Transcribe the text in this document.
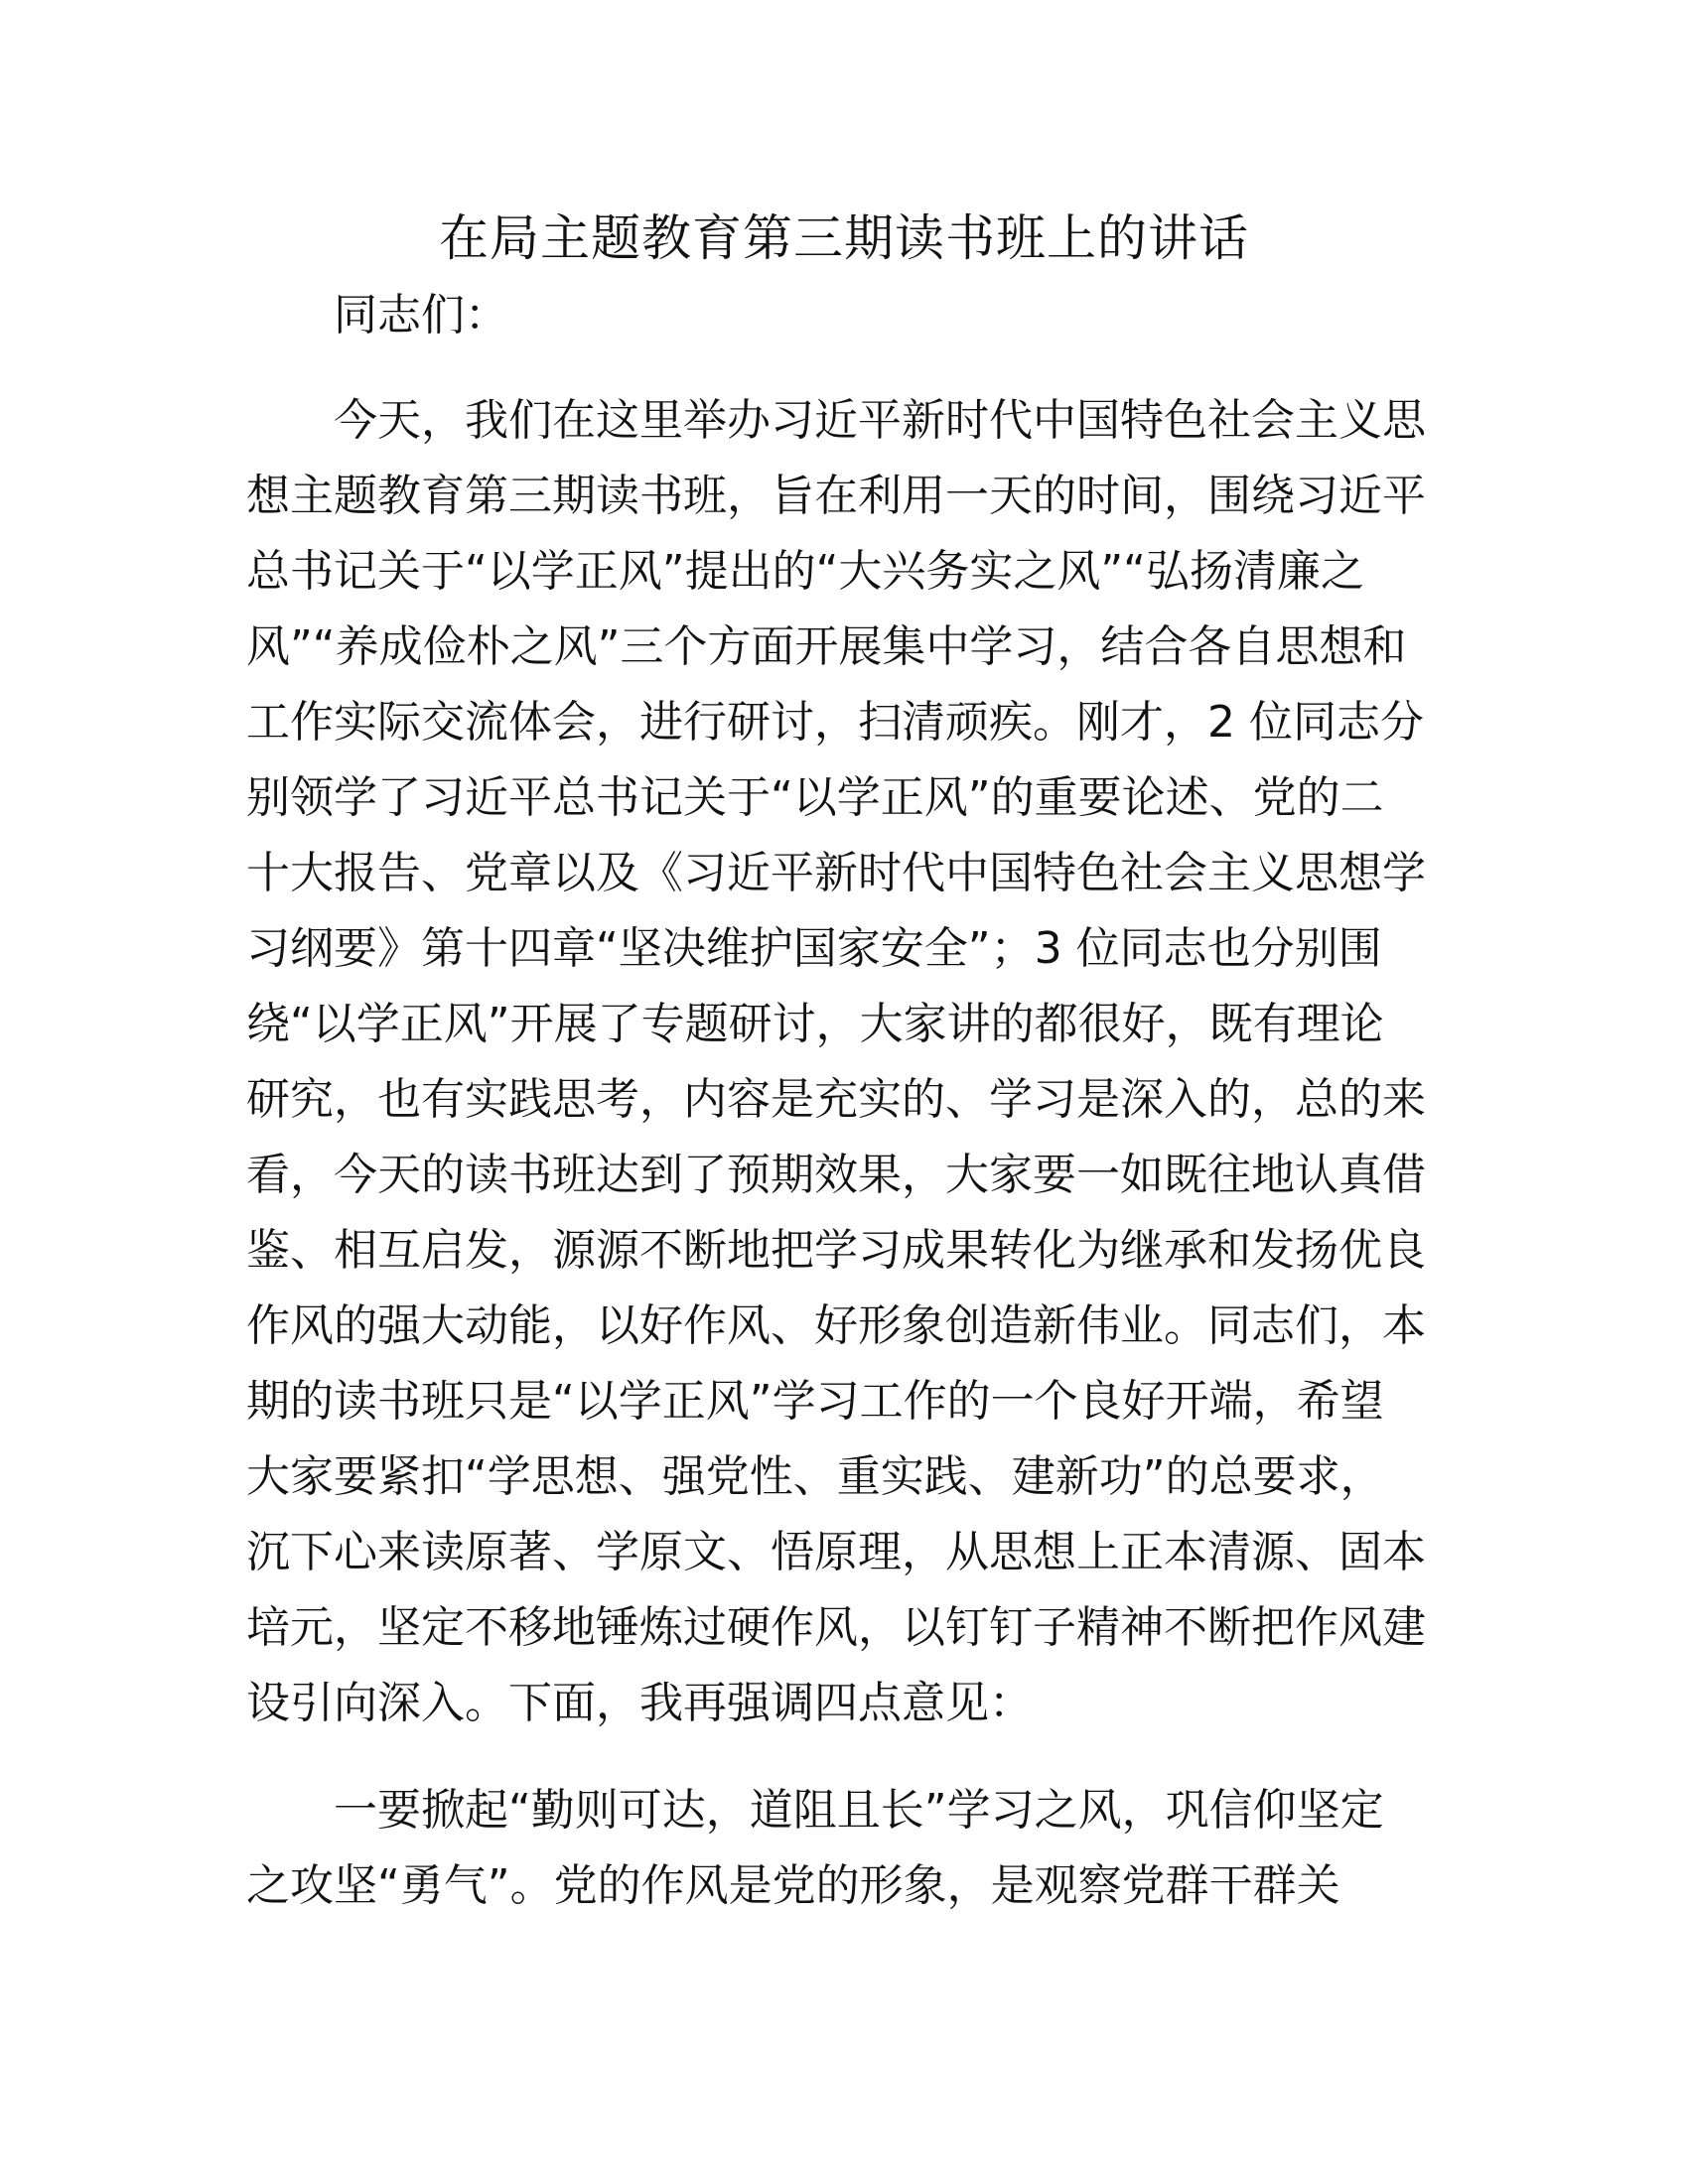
在局主题教育第三期读书班上的讲话

同志们：

今天，我们在这里举办习近平新时代中国特色社会主义思
想主题教育第三期读书班，旨在利用一天的时间，围绕习近平
总书记关于“以学正风”提出的“大兴务实之风”“弘扬清廉之
风”“养成俭朴之风”三个方面开展集中学习，结合各自思想和
工作实际交流体会，进行研讨，扫清顽疾。刚才，2 位同志分
别领学了习近平总书记关于“以学正风”的重要论述、党的二
十大报告、党章以及《习近平新时代中国特色社会主义思想学
习纲要》第十四章“坚决维护国家安全”；3 位同志也分别围
绕“以学正风”开展了专题研讨，大家讲的都很好，既有理论
研究，也有实践思考，内容是充实的、学习是深入的，总的来
看，今天的读书班达到了预期效果，大家要一如既往地认真借
鉴、相互启发，源源不断地把学习成果转化为继承和发扬优良
作风的强大动能，以好作风、好形象创造新伟业。同志们，本
期的读书班只是“以学正风”学习工作的一个良好开端，希望
大家要紧扣“学思想、强党性、重实践、建新功”的总要求，
沉下心来读原著、学原文、悟原理，从思想上正本清源、固本
培元，坚定不移地锤炼过硬作风，以钉钉子精神不断把作风建
设引向深入。下面，我再强调四点意见：
一要掀起“勤则可达，道阻且长”学习之风，巩信仰坚定
之攻坚“勇气”。党的作风是党的形象，是观察党群干群关
